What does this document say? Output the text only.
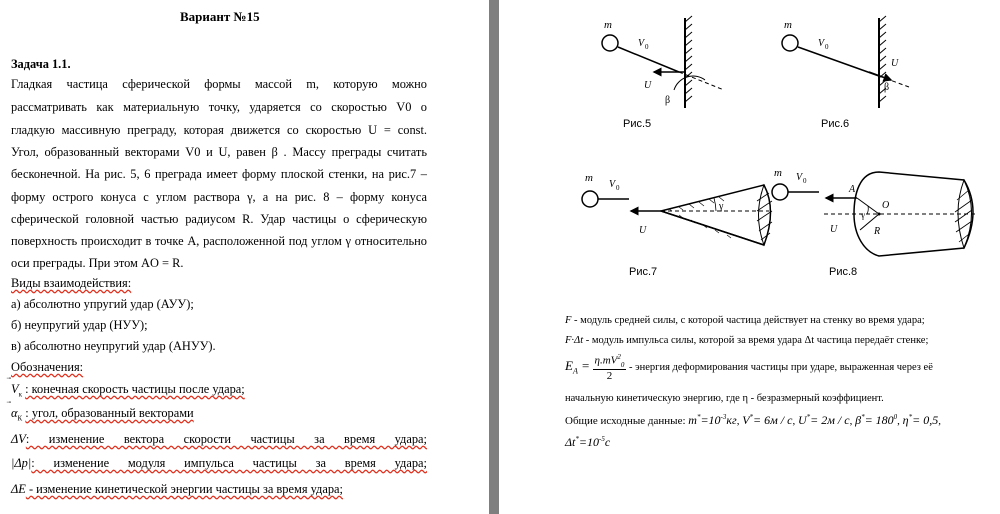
Вариант №15
Задача 1.1.
Гладкая частица сферической формы массой m, которую можно
рассматривать как материальную точку, ударяется со скоростью V0 о
гладкую массивную преграду, которая движется со скоростью U = const.
Угол, образованный векторами V0 и U, равен β . Массу преграды считать
бесконечной. На рис. 5, 6 преграда имеет форму плоской стенки, на рис.7 –
форму острого конуса с углом раствора γ, а на рис. 8 – форму конуса
сферической головной частью радиусом R. Удар частицы о сферическую
поверхность происходит в точке A, расположенной под углом γ относительно
оси преграды. При этом AO = R.
Виды взаимодействия:
а) абсолютно упругий удар (АУУ);
б) неупругий удар (НУУ);
в) абсолютно неупругий удар (АНУУ).
Обозначения:
$V_к$ : конечная скорость частицы после удара;
$\alpha_К$ : угол, образованный векторами
ΔV: изменение вектора скорости частицы за время удара;
|Δp|: изменение модуля импульса частицы за время удара;
ΔE - изменение кинетической энергии частицы за время удара;
m
V 0
U
β
Рис.5
m
V 0
U
β
Рис.6
m
V 0
U
γ
Рис.7
m V 0
U
A
O
R
γ
Рис.8
F - модуль средней силы, с которой частица действует на стенку во время удара;
F·Δt - модуль импульса силы, которой за время удара Δt частица передаёт стенке;
$E_A = \frac{\eta.mV^2_0}{2}$ - энергия деформирования частицы при ударе, выраженная через её
начальную кинетическую энергию, где η - безразмерный коэффициент.
Общие исходные данные: $m^*=10^{-3}кг$, V*= 6м / с, U*= 2м / с, $\beta^*= 180^0$, η*= 0,5,
$\Delta t^*=10^{-5}с$
